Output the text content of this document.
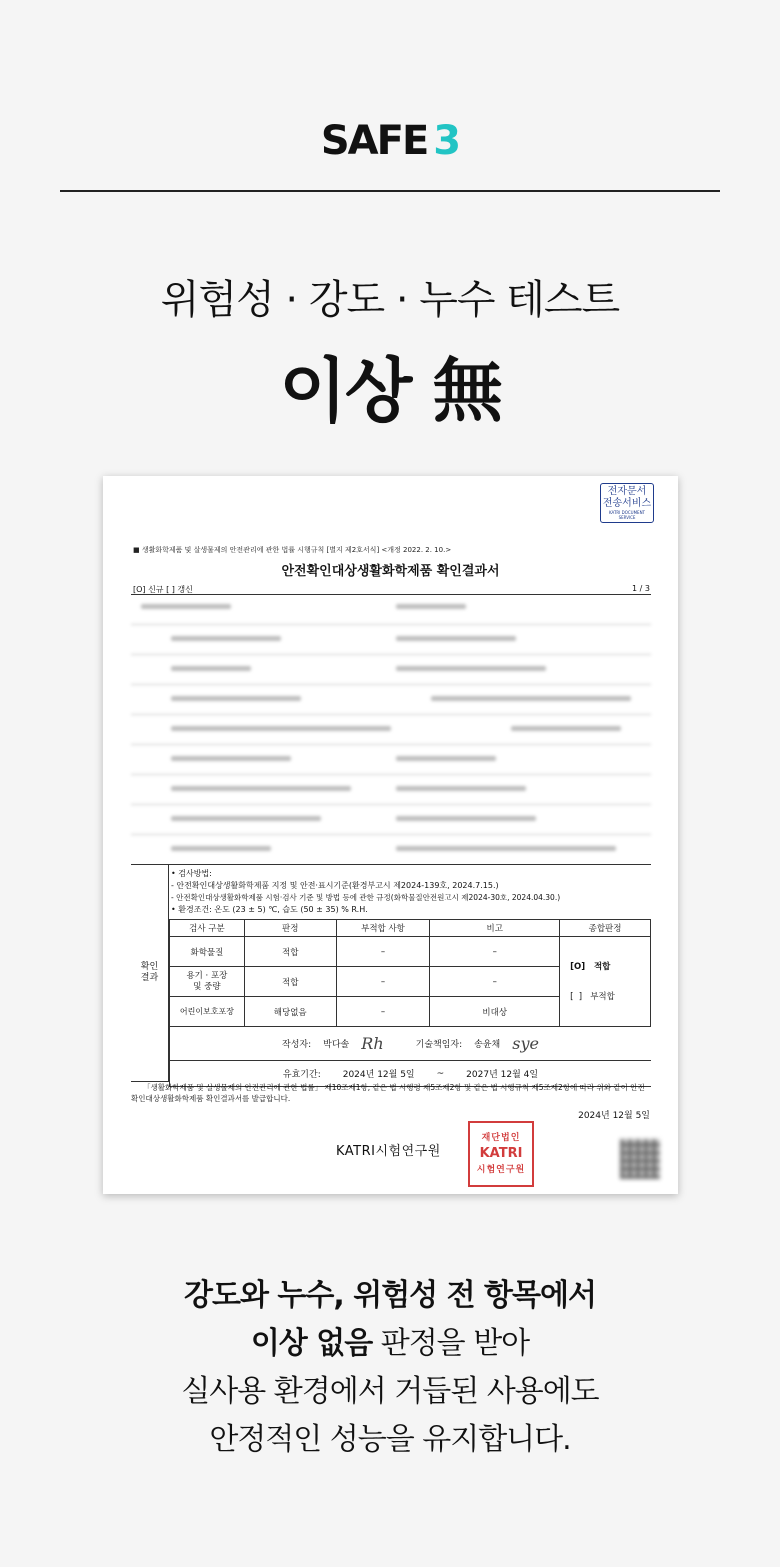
SAFE 3
위험성 · 강도 · 누수 테스트
이상 無
전자문서
전송서비스
KATRI DOCUMENT SERVICE
■ 생활화학제품 및 살생물제의 안전관리에 관한 법률 시행규칙 [별지 제2호서식] <개정 2022. 2. 10.>
안전확인대상생활화학제품 확인결과서
[O] 신규 [ ] 갱신	1 / 3
확인
결과
• 검사방법:
- 안전확인대상생활화학제품 지정 및 안전·표시기준(환경부고시 제2024-139호, 2024.7.15.)
- 안전확인대상생활화학제품 시험·검사 기준 및 방법 등에 관한 규정(화학물질안전원고시 제2024-30호, 2024.04.30.)
• 환경조건: 온도 (23 ± 5) ℃, 습도 (50 ± 35) % R.H.
검사 구분	판정	부적합 사항	비고	종합판정
화학물질	적합	–	–	[O]   적합
[  ]   부적합

용기 · 포장
및 중량	적합	–	–	
어린이보호포장	해당없음	–	비대상	
작성자: 박다솔 Rh	기술책임자: 송윤채 sye
유효기간: 2024년 12월 5일 ~ 2027년 12월 4일
「생활화학제품 및 살생물제의 안전관리에 관한 법률」 제10조제1항, 같은 법 시행령 제5조제2항 및 같은 법 시행규칙 제5조제2항에 따라 위와 같이 안전확인대상생활화학제품 확인결과서를 발급합니다.
2024년 12월 5일
KATRI시험연구원
재단법인
KATRI
시험연구원
강도와 누수, 위험성 전 항목에서
이상 없음 판정을 받아
실사용 환경에서 거듭된 사용에도
안정적인 성능을 유지합니다.
